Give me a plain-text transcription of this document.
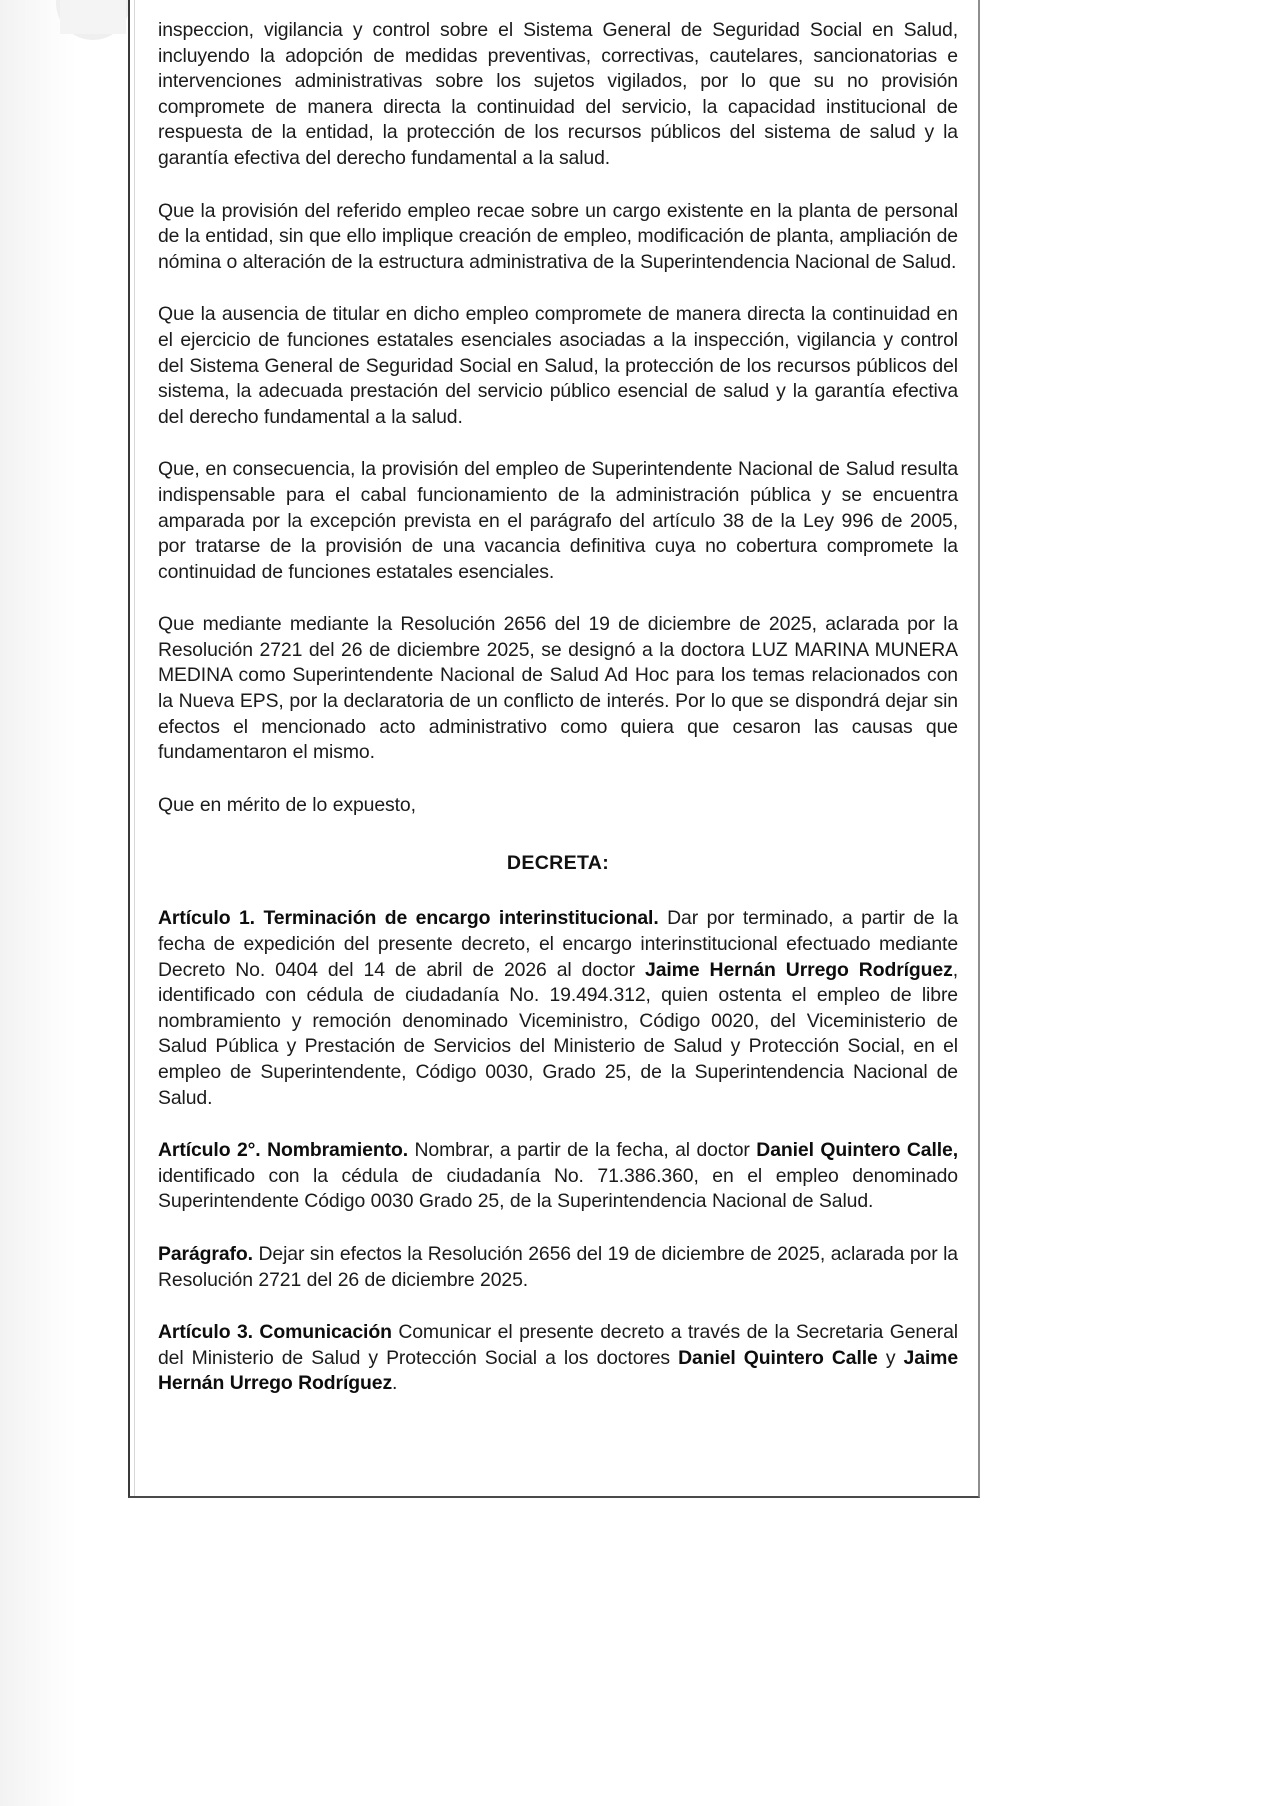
inspeccion, vigilancia y control sobre el Sistema General de Seguridad Social en Salud, incluyendo la adopción de medidas preventivas, correctivas, cautelares, sancionatorias e intervenciones administrativas sobre los sujetos vigilados, por lo que su no provisión compromete de manera directa la continuidad del servicio, la capacidad institucional de respuesta de la entidad, la protección de los recursos públicos del sistema de salud y la garantía efectiva del derecho fundamental a la salud.

Que la provisión del referido empleo recae sobre un cargo existente en la planta de personal de la entidad, sin que ello implique creación de empleo, modificación de planta, ampliación de nómina o alteración de la estructura administrativa de la Superintendencia Nacional de Salud.

Que la ausencia de titular en dicho empleo compromete de manera directa la continuidad en el ejercicio de funciones estatales esenciales asociadas a la inspección, vigilancia y control del Sistema General de Seguridad Social en Salud, la protección de los recursos públicos del sistema, la adecuada prestación del servicio público esencial de salud y la garantía efectiva del derecho fundamental a la salud.

Que, en consecuencia, la provisión del empleo de Superintendente Nacional de Salud resulta indispensable para el cabal funcionamiento de la administración pública y se encuentra amparada por la excepción prevista en el parágrafo del artículo 38 de la Ley 996 de 2005, por tratarse de la provisión de una vacancia definitiva cuya no cobertura compromete la continuidad de funciones estatales esenciales.

Que mediante mediante la Resolución 2656 del 19 de diciembre de 2025, aclarada por la Resolución 2721 del 26 de diciembre 2025, se designó a la doctora LUZ MARINA MUNERA MEDINA como Superintendente Nacional de Salud Ad Hoc para los temas relacionados con la Nueva EPS, por la declaratoria de un conflicto de interés. Por lo que se dispondrá dejar sin efectos el mencionado acto administrativo como quiera que cesaron las causas que fundamentaron el mismo.

Que en mérito de lo expuesto,

DECRETA:

Artículo 1. Terminación de encargo interinstitucional. Dar por terminado, a partir de la fecha de expedición del presente decreto, el encargo interinstitucional efectuado mediante Decreto No. 0404 del 14 de abril de 2026 al doctor Jaime Hernán Urrego Rodríguez, identificado con cédula de ciudadanía No. 19.494.312, quien ostenta el empleo de libre nombramiento y remoción denominado Viceministro, Código 0020, del Viceministerio de Salud Pública y Prestación de Servicios del Ministerio de Salud y Protección Social, en el empleo de Superintendente, Código 0030, Grado 25, de la Superintendencia Nacional de Salud.

Artículo 2°. Nombramiento. Nombrar, a partir de la fecha, al doctor Daniel Quintero Calle, identificado con la cédula de ciudadanía No. 71.386.360, en el empleo denominado Superintendente Código 0030 Grado 25, de la Superintendencia Nacional de Salud.

Parágrafo. Dejar sin efectos la Resolución 2656 del 19 de diciembre de 2025, aclarada por la Resolución 2721 del 26 de diciembre 2025.

Artículo 3. Comunicación Comunicar el presente decreto a través de la Secretaria General del Ministerio de Salud y Protección Social a los doctores Daniel Quintero Calle y Jaime Hernán Urrego Rodríguez.
